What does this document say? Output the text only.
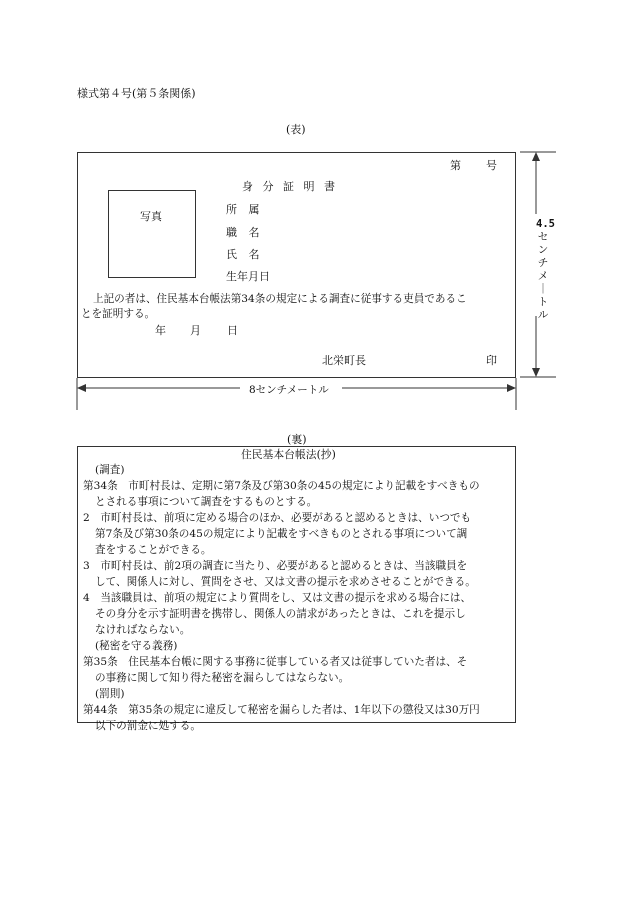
様式第４号(第５条関係)
(表)
第 号
身 分 証 明 書
写真
所 属
職 名
氏 名
生年月日
上記の者は、住民基本台帳法第34条の規定による調査に従事する吏員であるこ
とを証明する。
年 月 日
北栄町長	印
4.5
セ
ン
チ
メ
｜
ト
ル
8センチメートル
(裏)
住民基本台帳法(抄)
(調査)
第34条　市町村長は、定期に第7条及び第30条の45の規定により記載をすべきもの
とされる事項について調査をするものとする。
2　市町村長は、前項に定める場合のほか、必要があると認めるときは、いつでも
第7条及び第30条の45の規定により記載をすべきものとされる事項について調
査をすることができる。
3　市町村長は、前2項の調査に当たり、必要があると認めるときは、当該職員を
して、関係人に対し、質問をさせ、又は文書の提示を求めさせることができる。
4　当該職員は、前項の規定により質問をし、又は文書の提示を求める場合には、
その身分を示す証明書を携帯し、関係人の請求があったときは、これを提示し
なければならない。
(秘密を守る義務)
第35条　住民基本台帳に関する事務に従事している者又は従事していた者は、そ
の事務に関して知り得た秘密を漏らしてはならない。
(罰則)
第44条　第35条の規定に違反して秘密を漏らした者は、1年以下の懲役又は30万円
以下の罰金に処する。
